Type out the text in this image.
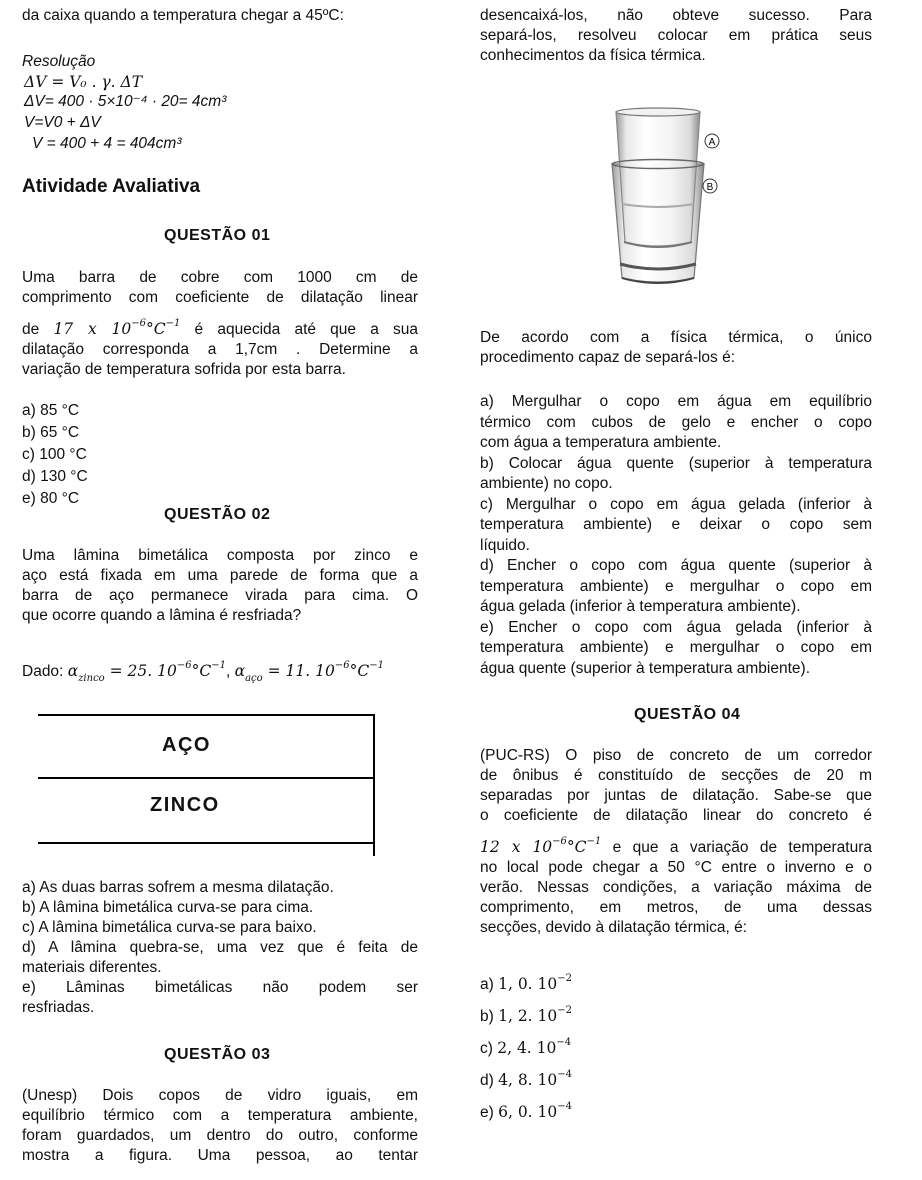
da caixa quando a temperatura chegar a 45ºC:
Resolução
ΔV = V₀ . γ. ΔT
ΔV= 400 · 5×10⁻⁴ · 20= 4cm³
V=V0 + ΔV
V = 400 + 4 = 404cm³
Atividade Avaliativa
QUESTÃO 01
Uma barra de cobre com 1000 cm de
comprimento com coeficiente de dilatação linear
de 17 x $10^{-6}^\circ C^{-1}$ é aquecida até que a sua
dilatação corresponda a 1,7cm . Determine a
variação de temperatura sofrida por esta barra.
a) 85 °C
b) 65 °C
c) 100 °C
d) 130 °C
e) 80 °C
QUESTÃO 02
Uma lâmina bimetálica composta por zinco e
aço está fixada em uma parede de forma que a
barra de aço permanece virada para cima. O
que ocorre quando a lâmina é resfriada?
Dado: $\alpha_{zinco} = 25$. $10^{-6}^\circ C^{-1}$, $\alpha_{aço} = 11$. $10^{-6}^\circ C^{-1}$
AÇO
ZINCO
a) As duas barras sofrem a mesma dilatação.
b) A lâmina bimetálica curva-se para cima.
c) A lâmina bimetálica curva-se para baixo.
d) A lâmina quebra-se, uma vez que é feita de
materiais diferentes.
e) Lâminas bimetálicas não podem ser
resfriadas.
QUESTÃO 03
(Unesp) Dois copos de vidro iguais, em
equilíbrio térmico com a temperatura ambiente,
foram guardados, um dentro do outro, conforme
mostra a figura. Uma pessoa, ao tentar
desencaixá-los, não obteve sucesso. Para
separá-los, resolveu colocar em prática seus
conhecimentos da física térmica.
A
B
De acordo com a física térmica, o único
procedimento capaz de separá-los é:
a) Mergulhar o copo em água em equilíbrio
térmico com cubos de gelo e encher o copo
com água a temperatura ambiente.
b) Colocar água quente (superior à temperatura
ambiente) no copo.
c) Mergulhar o copo em água gelada (inferior à
temperatura ambiente) e deixar o copo sem
líquido.
d) Encher o copo com água quente (superior à
temperatura ambiente) e mergulhar o copo em
água gelada (inferior à temperatura ambiente).
e) Encher o copo com água gelada (inferior à
temperatura ambiente) e mergulhar o copo em
água quente (superior à temperatura ambiente).
QUESTÃO 04
(PUC-RS) O piso de concreto de um corredor
de ônibus é constituído de secções de 20 m
separadas por juntas de dilatação. Sabe-se que
o coeficiente de dilatação linear do concreto é
12 x $10^{-6}^\circ C^{-1}$ e que a variação de temperatura
no local pode chegar a 50 °C entre o inverno e o
verão. Nessas condições, a variação máxima de
comprimento, em metros, de uma dessas
secções, devido à dilatação térmica, é:
a) 1, 0. $10^{-2}$
b) 1, 2. $10^{-2}$
c) 2, 4. $10^{-4}$
d) 4, 8. $10^{-4}$
e) 6, 0. $10^{-4}$
